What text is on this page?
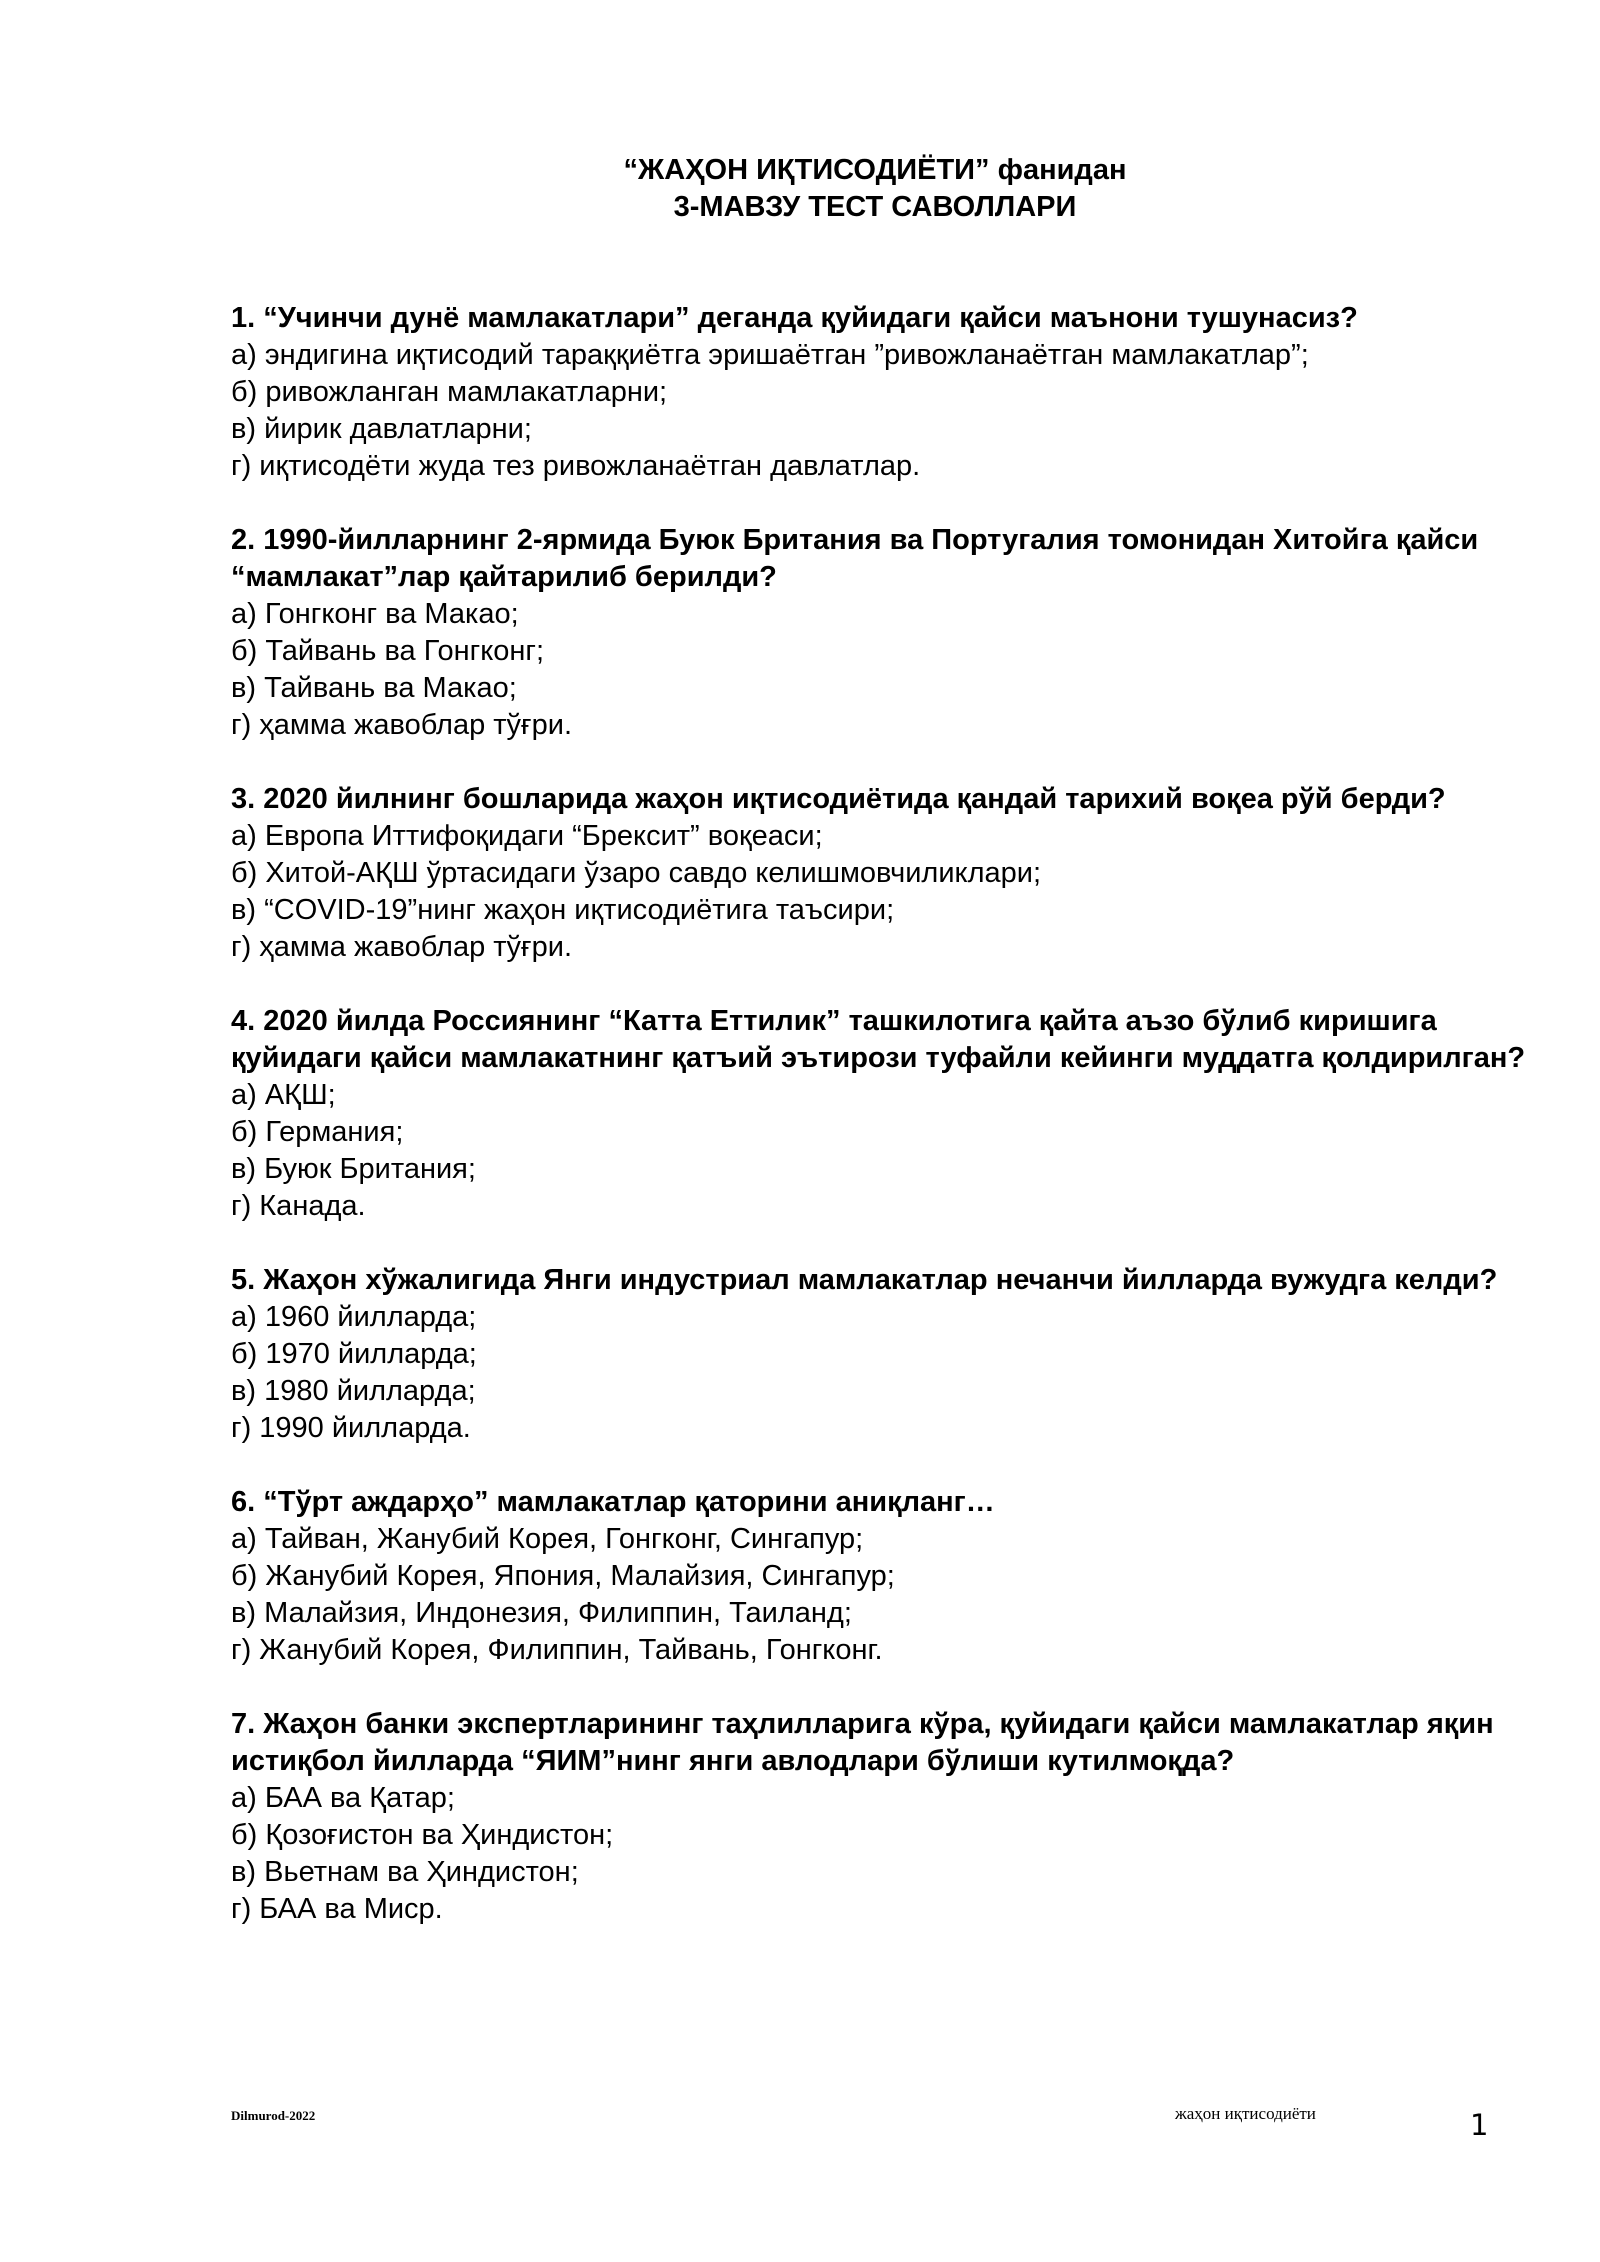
“ЖАҲОН ИҚТИСОДИЁТИ” фанидан
3-МАВЗУ ТЕСТ САВОЛЛАРИ

1. “Учинчи дунё мамлакатлари” деганда қуйидаги қайси маънони тушунасиз?

а) эндигина иқтисодий тараққиётга эришаётган ”ривожланаётган мамлакатлар”;

б) ривожланган мамлакатларни;

в) йирик давлатларни;

г) иқтисодёти жуда тез ривожланаётган давлатлар.

2. 1990-йилларнинг 2-ярмида Буюк Британия ва Португалия томонидан Хитойга қайси “мамлакат”лар қайтарилиб берилди?

а) Гонгконг ва Макао;

б) Тайвань ва Гонгконг;

в) Тайвань ва Макао;

г) ҳамма жавоблар тўғри.

3. 2020 йилнинг бошларида жаҳон иқтисодиётида қандай тарихий воқеа рўй берди?

а) Европа Иттифоқидаги “Брексит” воқеаси;

б) Хитой-АҚШ ўртасидаги ўзаро савдо келишмовчиликлари;

в) “COVID-19”нинг жаҳон иқтисодиётига таъсири;

г) ҳамма жавоблар тўғри.

4. 2020 йилда Россиянинг “Катта Еттилик” ташкилотига қайта аъзо бўлиб киришига қуйидаги қайси мамлакатнинг қатъий эътирози туфайли кейинги муддатга қолдирилган?

а) АҚШ;

б) Германия;

в) Буюк Британия;

г) Канада.

5. Жаҳон хўжалигида Янги индустриал мамлакатлар нечанчи йилларда вужудга келди?

а) 1960 йилларда;

б) 1970 йилларда;

в) 1980 йилларда;

г) 1990 йилларда.

6. “Тўрт аждарҳо” мамлакатлар қаторини аниқланг…

а) Тайван, Жанубий Корея, Гонгконг, Сингапур;

б) Жанубий Корея, Япония, Малайзия, Сингапур;

в) Малайзия, Индонезия, Филиппин, Таиланд;

г) Жанубий Корея, Филиппин, Тайвань, Гонгконг.

7. Жаҳон банки экспертларининг таҳлилларига кўра, қуйидаги қайси мамлакатлар яқин истиқбол йилларда “ЯИМ”нинг янги авлодлари бўлиши кутилмоқда?

а) БАА ва Қатар;

б) Қозоғистон ва Ҳиндистон;

в) Вьетнам ва Ҳиндистон;

г) БАА ва Миср.

Dilmurod-2022	жаҳон иқтисодиёти	1
